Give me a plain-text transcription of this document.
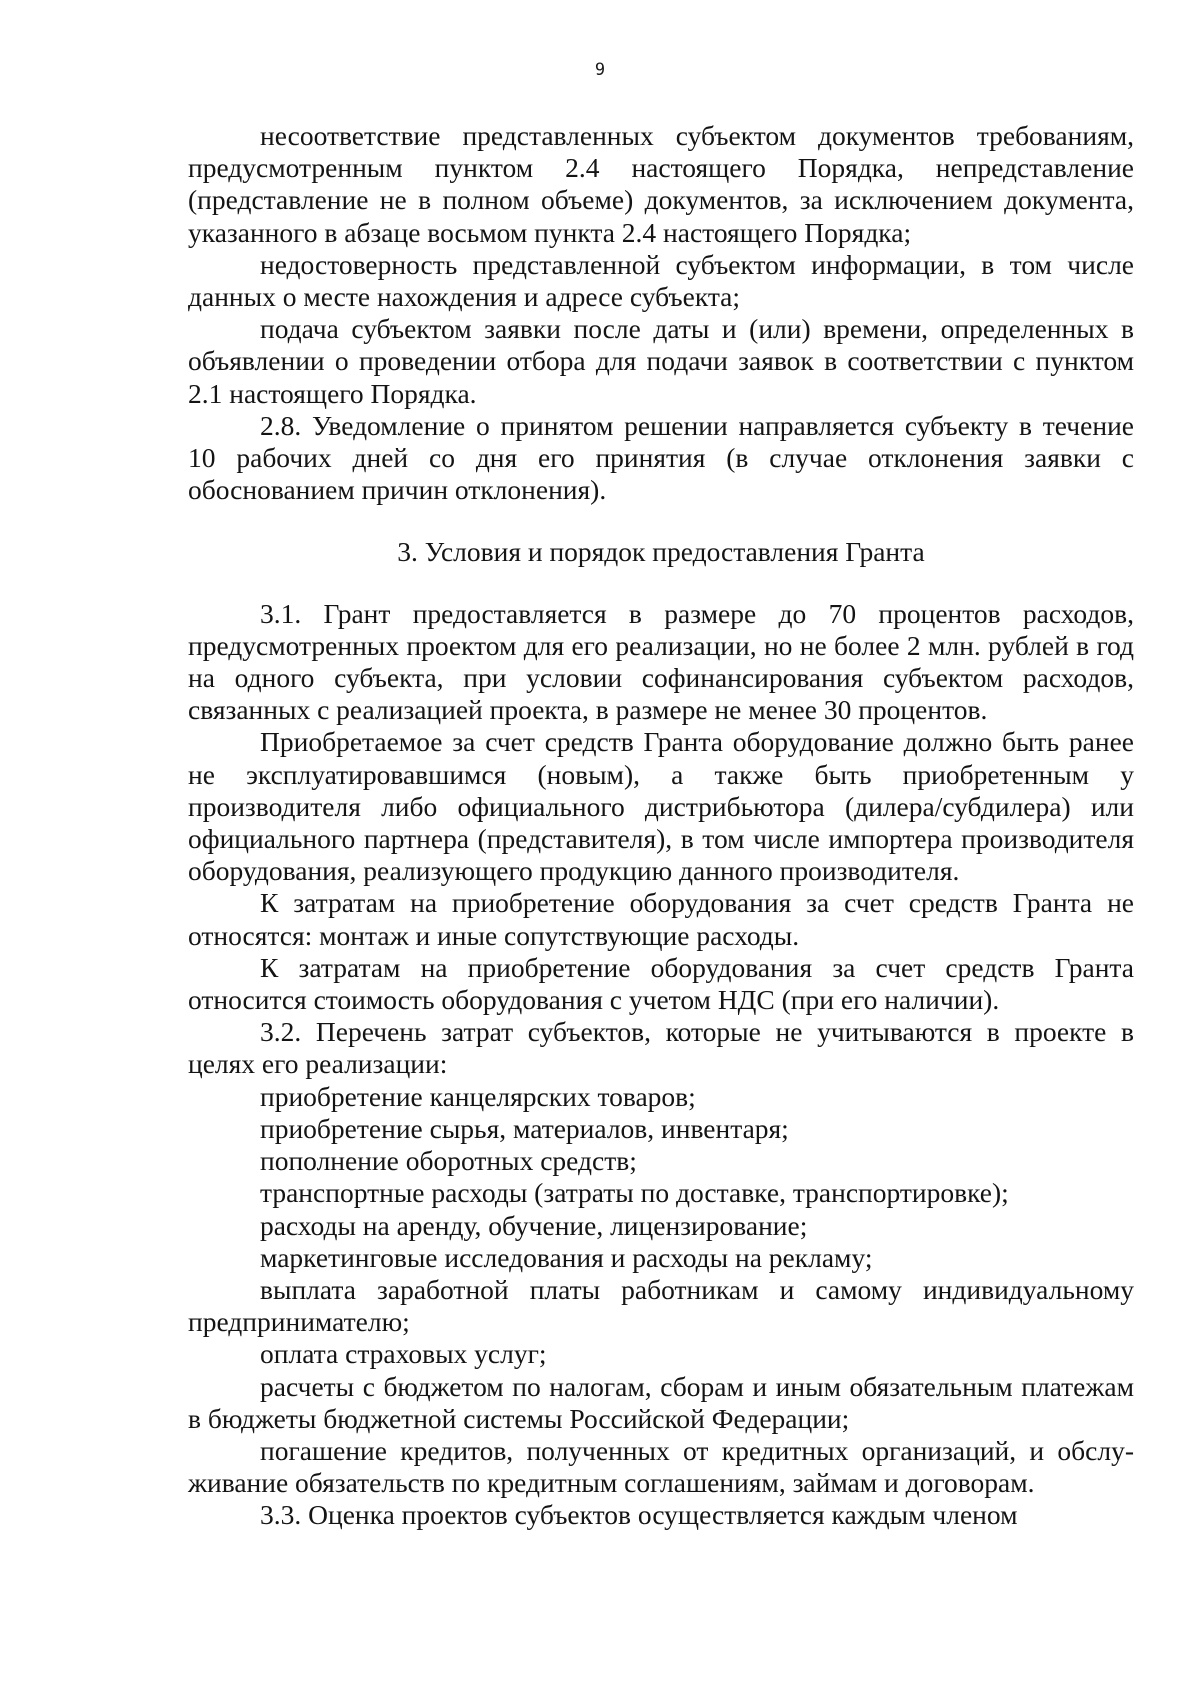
9

несоответствие представленных субъектом документов требованиям, предусмотренным пунктом 2.4 настоящего Порядка, непредставление (представление не в полном объеме) документов, за исключением документа, указанного в абзаце восьмом пункта 2.4 настоящего Порядка;

недостоверность представленной субъектом информации, в том числе данных о месте нахождения и адресе субъекта;

подача субъектом заявки после даты и (или) времени, определенных в объявлении о проведении отбора для подачи заявок в соответствии с пунктом 2.1 настоящего Порядка.

2.8. Уведомление о принятом решении направляется субъекту в течение 10 рабочих дней со дня его принятия (в случае отклонения заявки с обоснованием причин отклонения).

3. Условия и порядок предоставления Гранта

3.1. Грант предоставляется в размере до 70 процентов расходов, предусмотренных проектом для его реализации, но не более 2 млн. рублей в год на одного субъекта, при условии софинансирования субъектом расходов, связанных с реализацией проекта, в размере не менее 30 процентов.

Приобретаемое за счет средств Гранта оборудование должно быть ранее не эксплуатировавшимся (новым), а также быть приобретенным у производителя либо официального дистрибьютора (дилера/субдилера) или официального партнера (представителя), в том числе импортера производителя оборудования, реализующего продукцию данного производителя.

К затратам на приобретение оборудования за счет средств Гранта не относятся: монтаж и иные сопутствующие расходы.

К затратам на приобретение оборудования за счет средств Гранта относится стоимость оборудования с учетом НДС (при его наличии).

3.2. Перечень затрат субъектов, которые не учитываются в проекте в целях его реализации:

приобретение канцелярских товаров;

приобретение сырья, материалов, инвентаря;

пополнение оборотных средств;

транспортные расходы (затраты по доставке, транспортировке);

расходы на аренду, обучение, лицензирование;

маркетинговые исследования и расходы на рекламу;

выплата заработной платы работникам и самому индивидуальному предпринимателю;

оплата страховых услуг;

расчеты с бюджетом по налогам, сборам и иным обязательным платежам в бюджеты бюджетной системы Российской Федерации;

погашение кредитов, полученных от кредитных организаций, и обслуживание обязательств по кредитным соглашениям, займам и договорам.

3.3. Оценка проектов субъектов осуществляется каждым членом
